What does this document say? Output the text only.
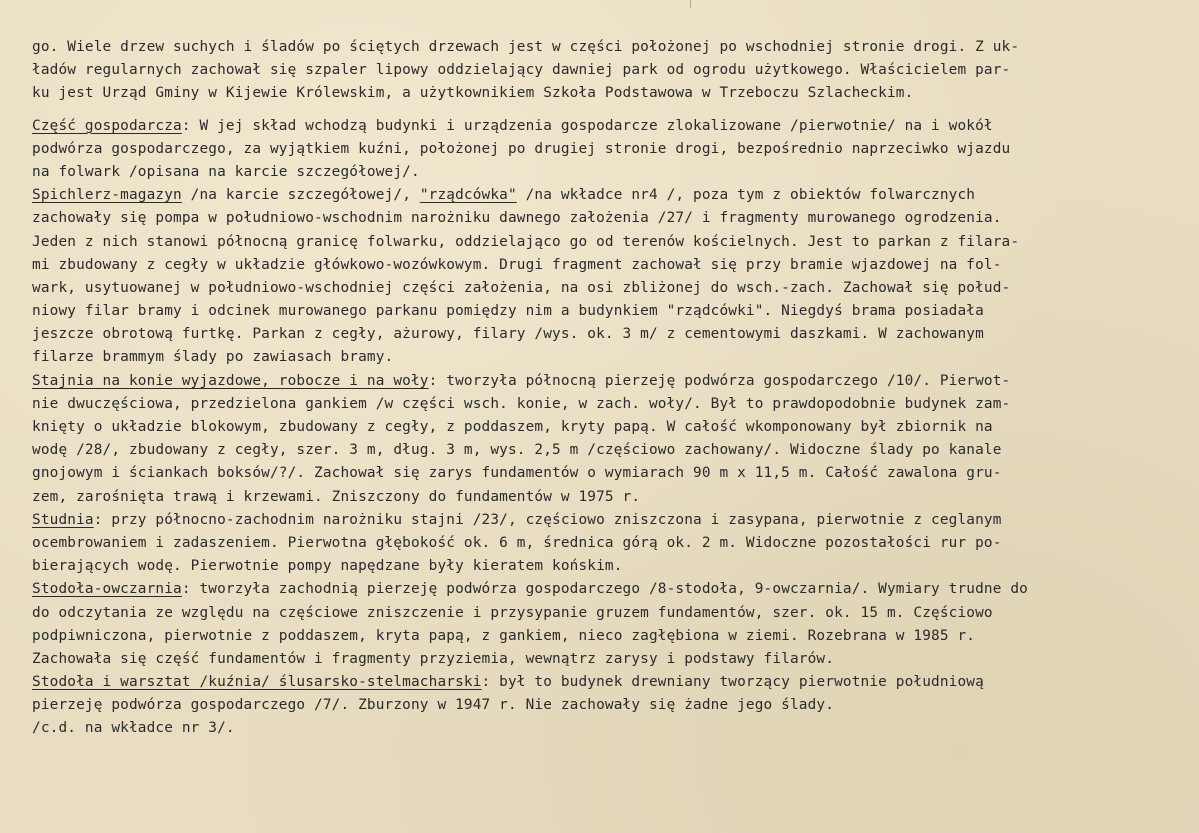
go. Wiele drzew suchych i śladów po ściętych drzewach jest w części położonej po wschodniej stronie drogi. Z uk-
ładów regularnych zachował się szpaler lipowy oddzielający dawniej park od ogrodu użytkowego. Właścicielem par-
ku jest Urząd Gminy w Kijewie Królewskim, a użytkownikiem Szkoła Podstawowa w Trzeboczu Szlacheckim.
Część gospodarcza: W jej skład wchodzą budynki i urządzenia gospodarcze zlokalizowane /pierwotnie/ na i wokół
podwórza gospodarczego, za wyjątkiem kuźni, położonej po drugiej stronie drogi, bezpośrednio naprzeciwko wjazdu
na folwark /opisana na karcie szczegółowej/.
Spichlerz-magazyn /na karcie szczegółowej/, "rządcówka" /na wkładce nr4 /, poza tym z obiektów folwarcznych
zachowały się pompa w południowo-wschodnim narożniku dawnego założenia /27/ i fragmenty murowanego ogrodzenia.
Jeden z nich stanowi północną granicę folwarku, oddzielająco go od terenów kościelnych. Jest to parkan z filara-
mi zbudowany z cegły w układzie główkowo-wozówkowym. Drugi fragment zachował się przy bramie wjazdowej na fol-
wark, usytuowanej w południowo-wschodniej części założenia, na osi zbliżonej do wsch.-zach. Zachował się połud-
niowy filar bramy i odcinek murowanego parkanu pomiędzy nim a budynkiem "rządcówki". Niegdyś brama posiadała
jeszcze obrotową furtkę. Parkan z cegły, ażurowy, filary /wys. ok. 3 m/ z cementowymi daszkami. W zachowanym
filarze brammym ślady po zawiasach bramy.
Stajnia na konie wyjazdowe, robocze i na woły: tworzyła północną pierzeję podwórza gospodarczego /10/. Pierwot-
nie dwuczęściowa, przedzielona gankiem /w części wsch. konie, w zach. woły/. Był to prawdopodobnie budynek zam-
knięty o układzie blokowym, zbudowany z cegły, z poddaszem, kryty papą. W całość wkomponowany był zbiornik na
wodę /28/, zbudowany z cegły, szer. 3 m, dług. 3 m, wys. 2,5 m /częściowo zachowany/. Widoczne ślady po kanale
gnojowym i ściankach boksów/?/. Zachował się zarys fundamentów o wymiarach 90 m x 11,5 m. Całość zawalona gru-
zem, zarośnięta trawą i krzewami. Zniszczony do fundamentów w 1975 r.
Studnia: przy północno-zachodnim narożniku stajni /23/, częściowo zniszczona i zasypana, pierwotnie z ceglanym
ocembrowaniem i zadaszeniem. Pierwotna głębokość ok. 6 m, średnica górą ok. 2 m. Widoczne pozostałości rur po-
bierających wodę. Pierwotnie pompy napędzane były kieratem końskim.
Stodoła-owczarnia: tworzyła zachodnią pierzeję podwórza gospodarczego /8-stodoła, 9-owczarnia/. Wymiary trudne do
do odczytania ze względu na częściowe zniszczenie i przysypanie gruzem fundamentów, szer. ok. 15 m. Częściowo
podpiwniczona, pierwotnie z poddaszem, kryta papą, z gankiem, nieco zagłębiona w ziemi. Rozebrana w 1985 r.
Zachowała się część fundamentów i fragmenty przyziemia, wewnątrz zarysy i podstawy filarów.
Stodoła i warsztat /kuźnia/ ślusarsko-stelmacharski: był to budynek drewniany tworzący pierwotnie południową
pierzeję podwórza gospodarczego /7/. Zburzony w 1947 r. Nie zachowały się żadne jego ślady.
/c.d. na wkładce nr 3/.
